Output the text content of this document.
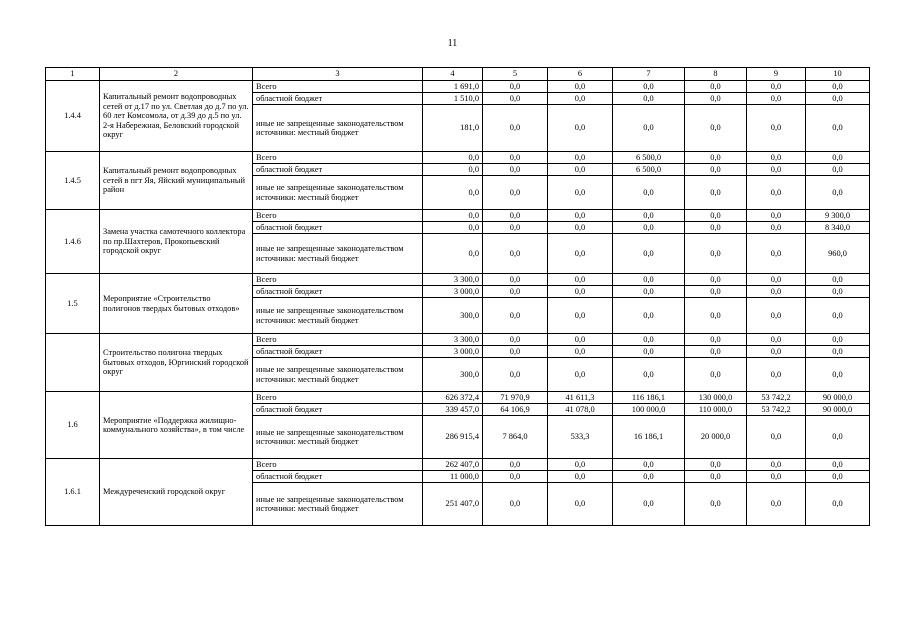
11
1	2	3	4	5	6	7	8	9	10
1.4.4	Капитальный ремонт водопроводных сетей от д.17 по ул. Светлая до д.7 по ул. 60 лет Комсомола, от д.39 до д.5 по ул. 2-я Набережная, Беловский городской округ	Всего	1 691,0	0,0	0,0	0,0	0,0	0,0	0,0
		областной бюджет	1 510,0	0,0	0,0	0,0	0,0	0,0	0,0
		иные не запрещенные законодательством источники: местный бюджет	181,0	0,0	0,0	0,0	0,0	0,0	0,0
1.4.5	Капитальный ремонт водопроводных сетей в пгт Яя, Яйский муниципальный район	Всего	0,0	0,0	0,0	6 500,0	0,0	0,0	0,0
		областной бюджет	0,0	0,0	0,0	6 500,0	0,0	0,0	0,0
		иные не запрещенные законодательством источники: местный бюджет	0,0	0,0	0,0	0,0	0,0	0,0	0,0
1.4.6	Замена участка самотечного коллектора по пр.Шахтеров, Прокопьевский городской округ	Всего	0,0	0,0	0,0	0,0	0,0	0,0	9 300,0
		областной бюджет	0,0	0,0	0,0	0,0	0,0	0,0	8 340,0
		иные не запрещенные законодательством источники: местный бюджет	0,0	0,0	0,0	0,0	0,0	0,0	960,0
1.5	Мероприятие «Строительство полигонов твердых бытовых отходов»	Всего	3 300,0	0,0	0,0	0,0	0,0	0,0	0,0
		областной бюджет	3 000,0	0,0	0,0	0,0	0,0	0,0	0,0
		иные не запрещенные законодательством источники: местный бюджет	300,0	0,0	0,0	0,0	0,0	0,0	0,0
	Строительство полигона твердых бытовых отходов, Юргинский городской округ	Всего	3 300,0	0,0	0,0	0,0	0,0	0,0	0,0
		областной бюджет	3 000,0	0,0	0,0	0,0	0,0	0,0	0,0
		иные не запрещенные законодательством источники: местный бюджет	300,0	0,0	0,0	0,0	0,0	0,0	0,0
1.6	Мероприятие «Поддержка жилищно-коммунального хозяйства», в том числе	Всего	626 372,4	71 970,9	41 611,3	116 186,1	130 000,0	53 742,2	90 000,0
		областной бюджет	339 457,0	64 106,9	41 078,0	100 000,0	110 000,0	53 742,2	90 000,0
		иные не запрещенные законодательством источники: местный бюджет	286 915,4	7 864,0	533,3	16 186,1	20 000,0	0,0	0,0
1.6.1	Междуреченский городской округ	Всего	262 407,0	0,0	0,0	0,0	0,0	0,0	0,0
		областной бюджет	11 000,0	0,0	0,0	0,0	0,0	0,0	0,0
		иные не запрещенные законодательством источники: местный бюджет	251 407,0	0,0	0,0	0,0	0,0	0,0	0,0
